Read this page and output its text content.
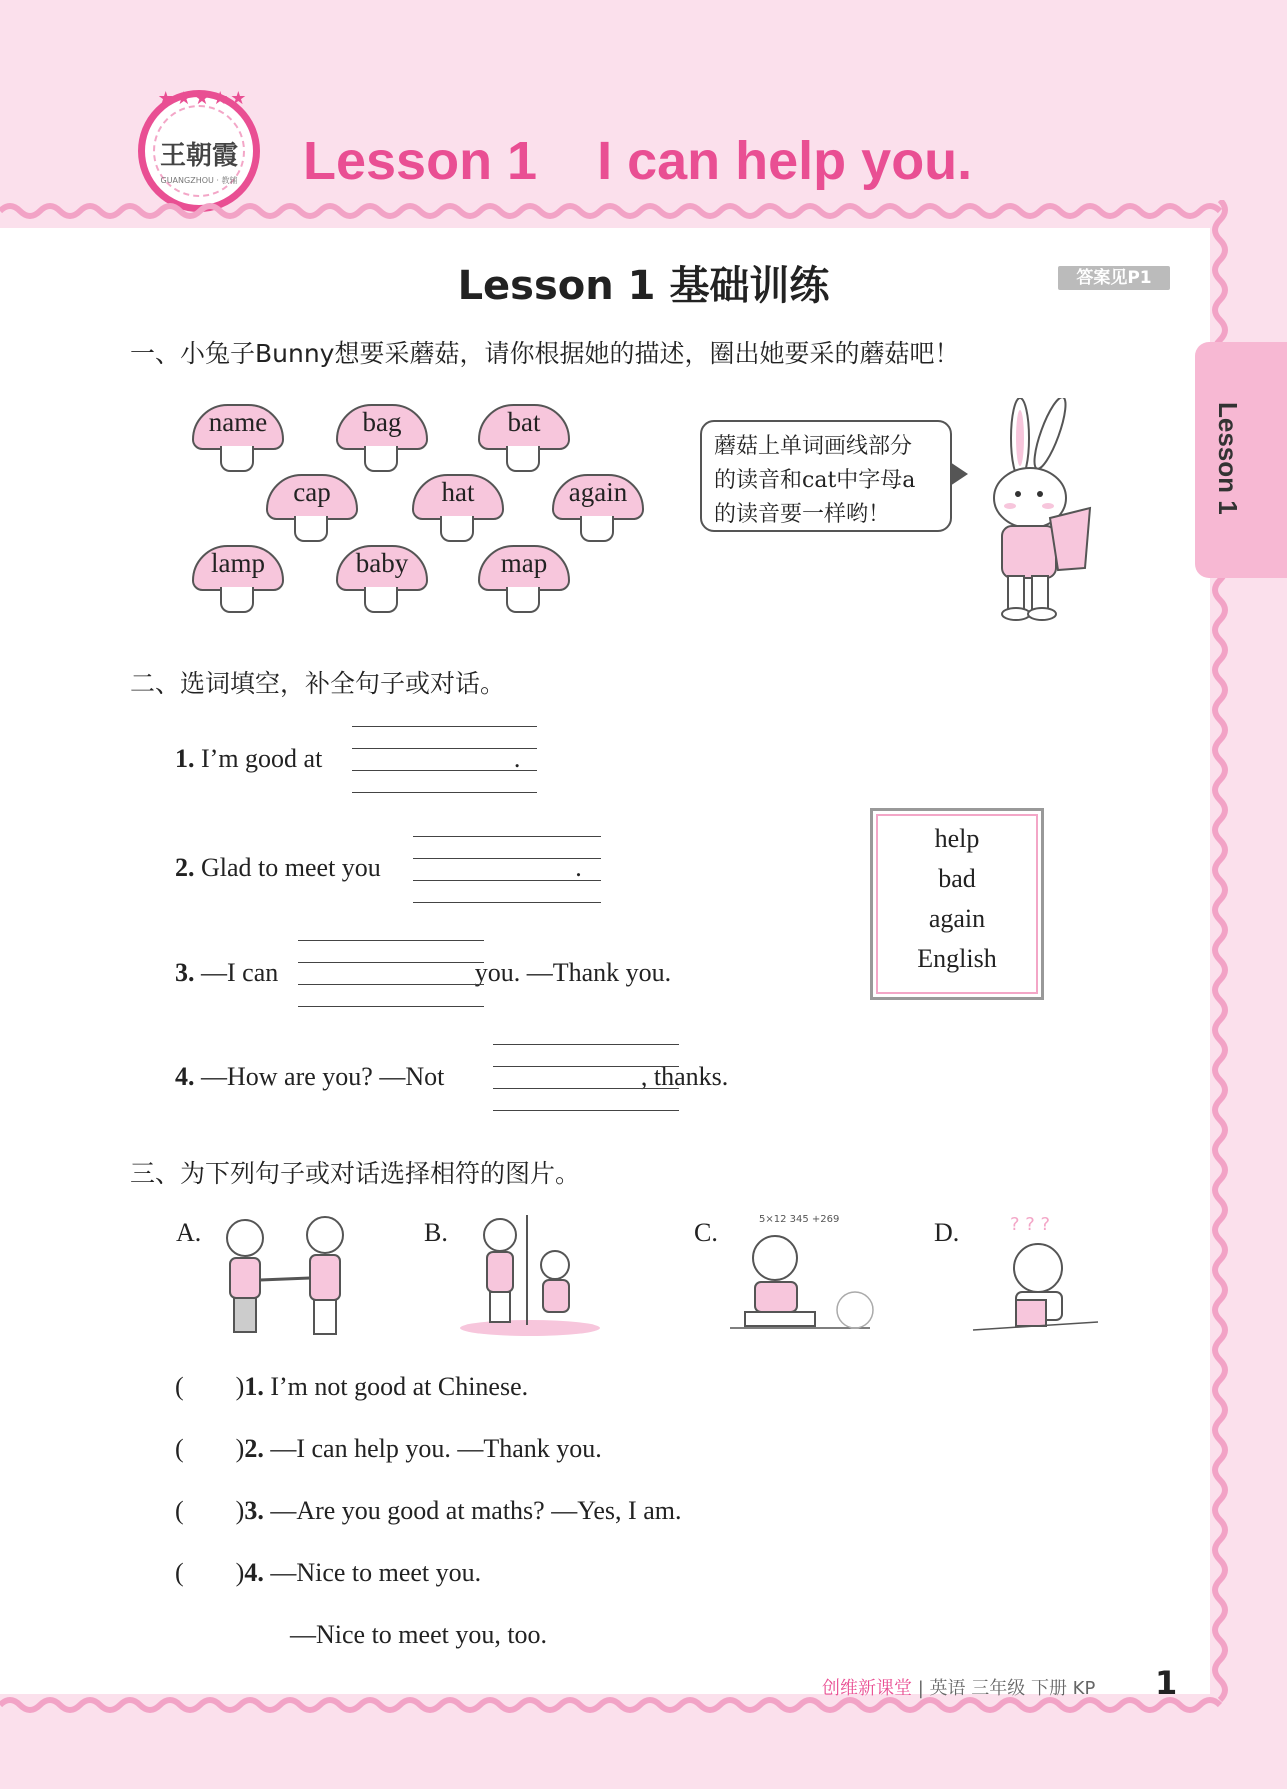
王朝霞
GUANGZHOU · 教辅
★★★★★
Lesson 1    I can help you.
Lesson 1
Lesson 1 基础训练	答案见P1
一、小兔子Bunny想要采蘑菇，请你根据她的描述，圈出她要采的蘑菇吧！
name	bag	bat
cap	hat	again
lamp	baby	map
蘑菇上单词画线部分
的读音和cat中字母a
的读音要一样哟！
二、选词填空，补全句子或对话。
1. I’m good at	.
2. Glad to meet you	.
3. —I can	you. —Thank you.
4. —How are you? —Not	, thanks.
help
bad
again
English
三、为下列句子或对话选择相符的图片。
A.	B.	C.	5×12 345 +269	D.	? ? ?
(        )1. I’m not good at Chinese.
(        )2. —I can help you. —Thank you.
(        )3. —Are you good at maths? —Yes, I am.
(        )4. —Nice to meet you.
—Nice to meet you, too.
创维新课堂 | 英语 三年级 下册 KP 1
